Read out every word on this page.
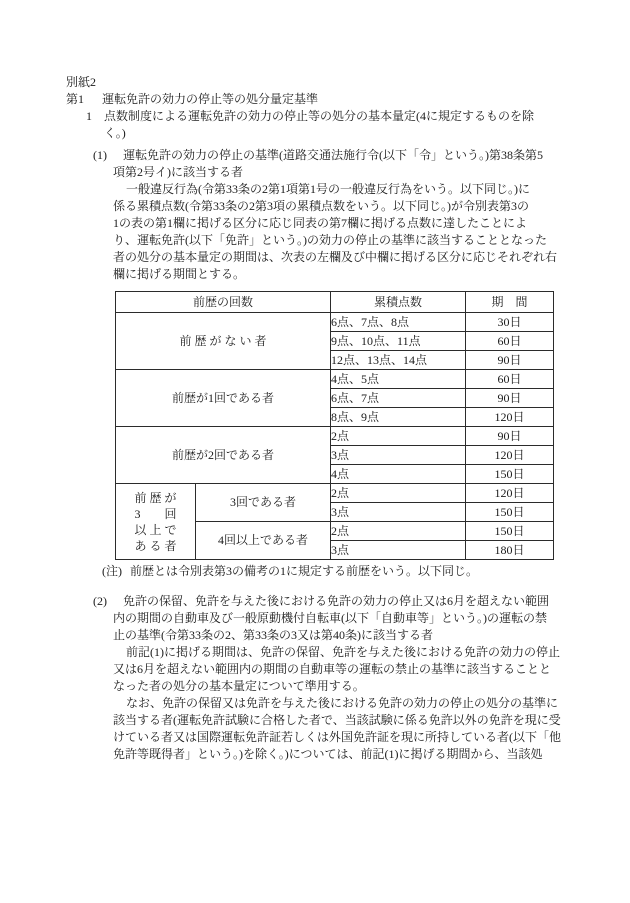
別紙2
第1	運転免許の効力の停止等の処分量定基準
1	点数制度による運転免許の効力の停止等の処分の基本量定(4に規定するものを除
く。)
(1)	運転免許の効力の停止の基準(道路交通法施行令(以下「令」という。)第38条第5
項第2号イ)に該当する者
一般違反行為(令第33条の2第1項第1号の一般違反行為をいう。以下同じ。)に
係る累積点数(令第33条の2第3項の累積点数をいう。以下同じ。)が令別表第3の
1の表の第1欄に掲げる区分に応じ同表の第7欄に掲げる点数に達したことによ
り、運転免許(以下「免許」という。)の効力の停止の基準に該当することとなった
者の処分の基本量定の期間は、次表の左欄及び中欄に掲げる区分に応じそれぞれ右
欄に掲げる期間とする。
前歴の回数		累積点数	期　間
前 歴 が な い 者		6点、7点、8点	30日
		9点、10点、11点	60日
		12点、13点、14点	90日
前歴が1回である者		4点、5点	60日
		6点、7点	90日
		8点、9点	120日
前歴が2回である者		2点	90日
		3点	120日
		4点	150日

前 歴 が
3　　回
以 上 で
あ る 者	3回である者	2点	120日
		3点	150日
	4回以上である者	2点	150日
		3点	180日
(注) 前歴とは令別表第3の備考の1に規定する前歴をいう。以下同じ。
(2)	免許の保留、免許を与えた後における免許の効力の停止又は6月を超えない範囲
内の期間の自動車及び一般原動機付自転車(以下「自動車等」という。)の運転の禁
止の基準(令第33条の2、第33条の3又は第40条)に該当する者
前記(1)に掲げる期間は、免許の保留、免許を与えた後における免許の効力の停止
又は6月を超えない範囲内の期間の自動車等の運転の禁止の基準に該当することと
なった者の処分の基本量定について準用する。
なお、免許の保留又は免許を与えた後における免許の効力の停止の処分の基準に
該当する者(運転免許試験に合格した者で、当該試験に係る免許以外の免許を現に受
けている者又は国際運転免許証若しくは外国免許証を現に所持している者(以下「他
免許等既得者」という。)を除く。)については、前記(1)に掲げる期間から、当該処
